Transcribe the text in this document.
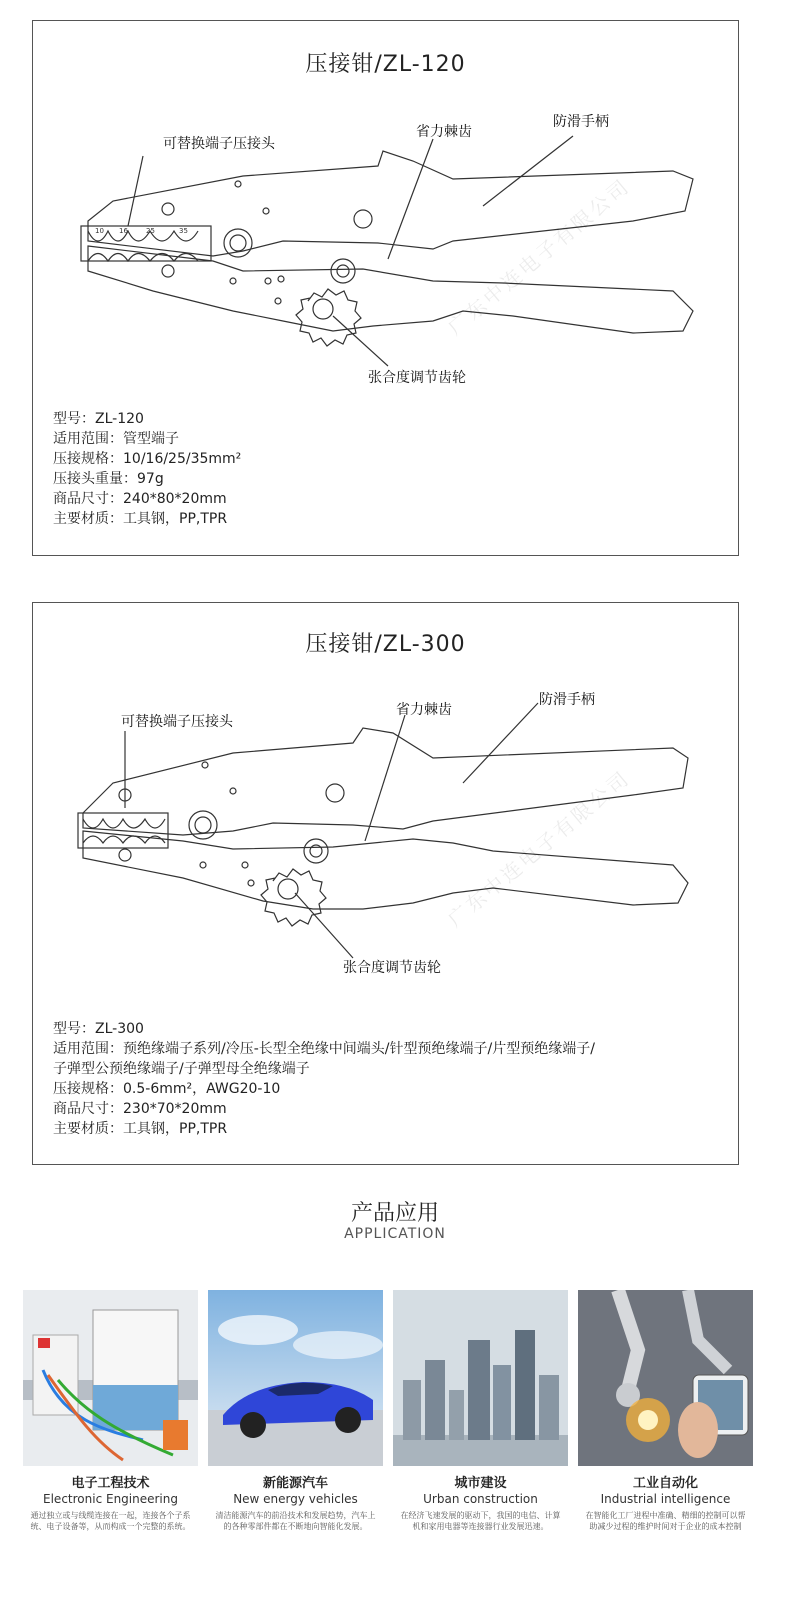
压接钳/ZL-120
10 16	25	35
可替换端子压接头
省力棘齿
防滑手柄
张合度调节齿轮
广东中连电子有限公司
型号：ZL-120
适用范围：管型端子
压接规格：10/16/25/35mm²
压接头重量：97g
商品尺寸：240*80*20mm
主要材质：工具钢，PP,TPR
压接钳/ZL-300
可替换端子压接头
省力棘齿
防滑手柄
张合度调节齿轮
广东中连电子有限公司
型号：ZL-300
适用范围：预绝缘端子系列/冷压-长型全绝缘中间端头/针型预绝缘端子/片型预绝缘端子/
子弹型公预绝缘端子/子弹型母全绝缘端子
压接规格：0.5-6mm²，AWG20-10
商品尺寸：230*70*20mm
主要材质：工具钢，PP,TPR
产品应用
APPLICATION
电子工程技术
Electronic Engineering
通过独立或与线缆连接在一起，连接各个子系统、电子设备等，从而构成一个完整的系统。
新能源汽车
New energy vehicles
清洁能源汽车的前沿技术和发展趋势，汽车上的各种零部件都在不断地向智能化发展。
城市建设
Urban construction
在经济飞速发展的驱动下，我国的电信、计算机和家用电器等连接器行业发展迅速。
工业自动化
Industrial intelligence
在智能化工厂进程中准确、精细的控制可以帮助减少过程的维护时间对于企业的成本控制
